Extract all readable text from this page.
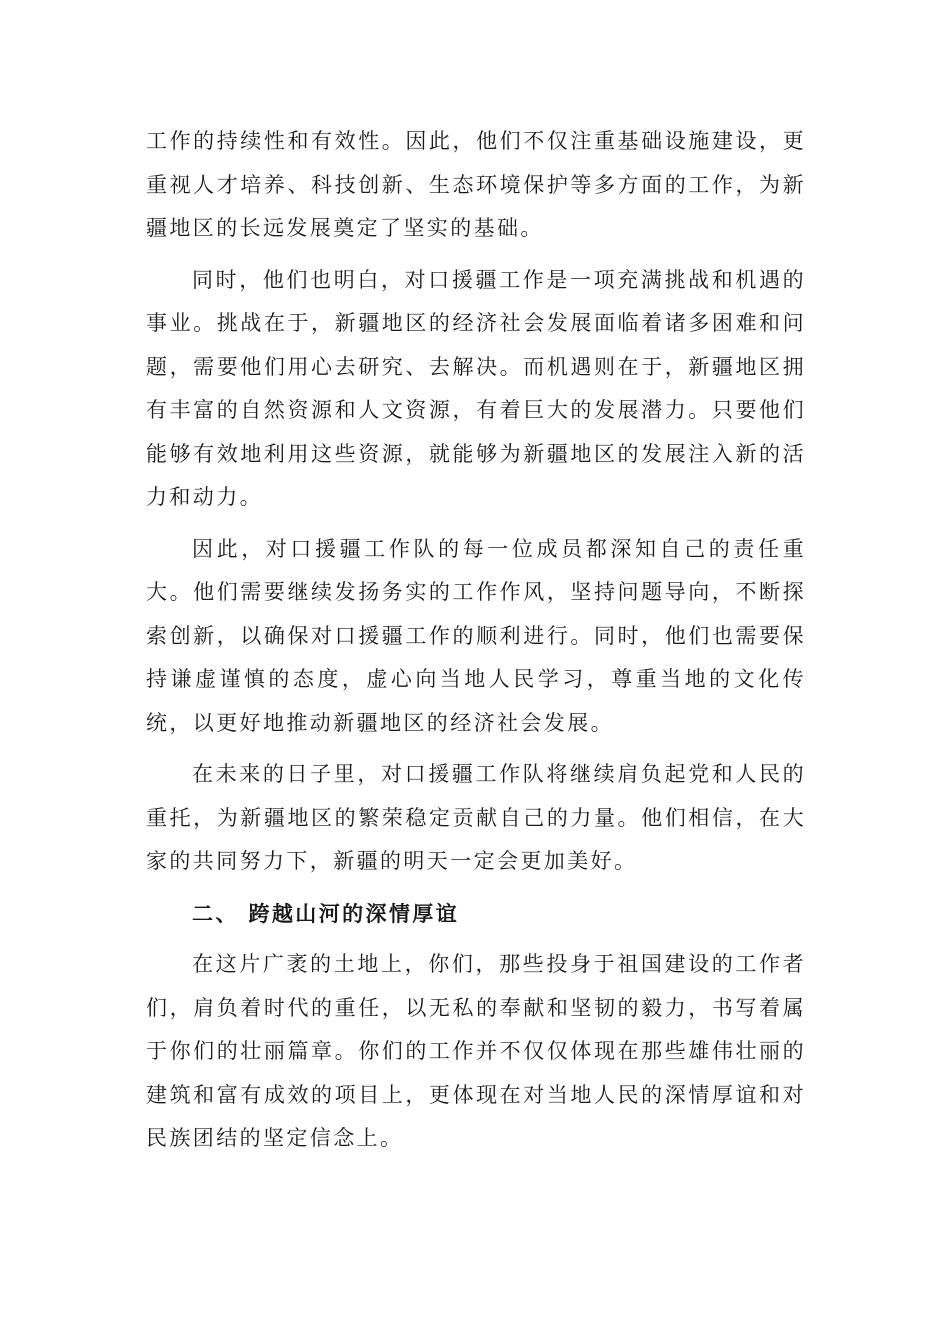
工作的持续性和有效性。因此，他们不仅注重基础设施建设，更重视人才培养、科技创新、生态环境保护等多方面的工作，为新疆地区的长远发展奠定了坚实的基础。

同时，他们也明白，对口援疆工作是一项充满挑战和机遇的事业。挑战在于，新疆地区的经济社会发展面临着诸多困难和问题，需要他们用心去研究、去解决。而机遇则在于，新疆地区拥有丰富的自然资源和人文资源，有着巨大的发展潜力。只要他们能够有效地利用这些资源，就能够为新疆地区的发展注入新的活力和动力。

因此，对口援疆工作队的每一位成员都深知自己的责任重大。他们需要继续发扬务实的工作作风，坚持问题导向，不断探索创新，以确保对口援疆工作的顺利进行。同时，他们也需要保持谦虚谨慎的态度，虚心向当地人民学习，尊重当地的文化传统，以更好地推动新疆地区的经济社会发展。

在未来的日子里，对口援疆工作队将继续肩负起党和人民的重托，为新疆地区的繁荣稳定贡献自己的力量。他们相信，在大家的共同努力下，新疆的明天一定会更加美好。

二、 跨越山河的深情厚谊

在这片广袤的土地上，你们，那些投身于祖国建设的工作者们，肩负着时代的重任，以无私的奉献和坚韧的毅力，书写着属于你们的壮丽篇章。你们的工作并不仅仅体现在那些雄伟壮丽的建筑和富有成效的项目上，更体现在对当地人民的深情厚谊和对民族团结的坚定信念上。
